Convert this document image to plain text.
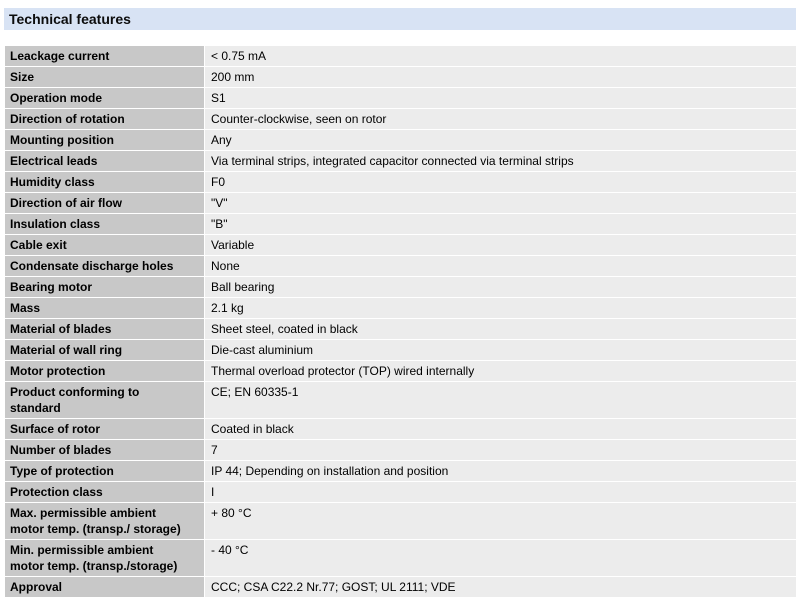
Technical features
Leackage current	< 0.75 mA
Size	200 mm
Operation mode	S1
Direction of rotation	Counter-clockwise, seen on rotor
Mounting position	Any
Electrical leads	Via terminal strips, integrated capacitor connected via terminal strips
Humidity class	F0
Direction of air flow	"V"
Insulation class	"B"
Cable exit	Variable
Condensate discharge holes	None
Bearing motor	Ball bearing
Mass	2.1 kg
Material of blades	Sheet steel, coated in black
Material of wall ring	Die-cast aluminium
Motor protection	Thermal overload protector (TOP) wired internally
Product conforming to
standard	CE; EN 60335-1
Surface of rotor	Coated in black
Number of blades	7
Type of protection	IP 44; Depending on installation and position
Protection class	I
Max. permissible ambient
motor temp. (transp./ storage)	+ 80 °C
Min. permissible ambient
motor temp. (transp./storage)	- 40 °C
Approval	CCC; CSA C22.2 Nr.77; GOST; UL 2111; VDE
